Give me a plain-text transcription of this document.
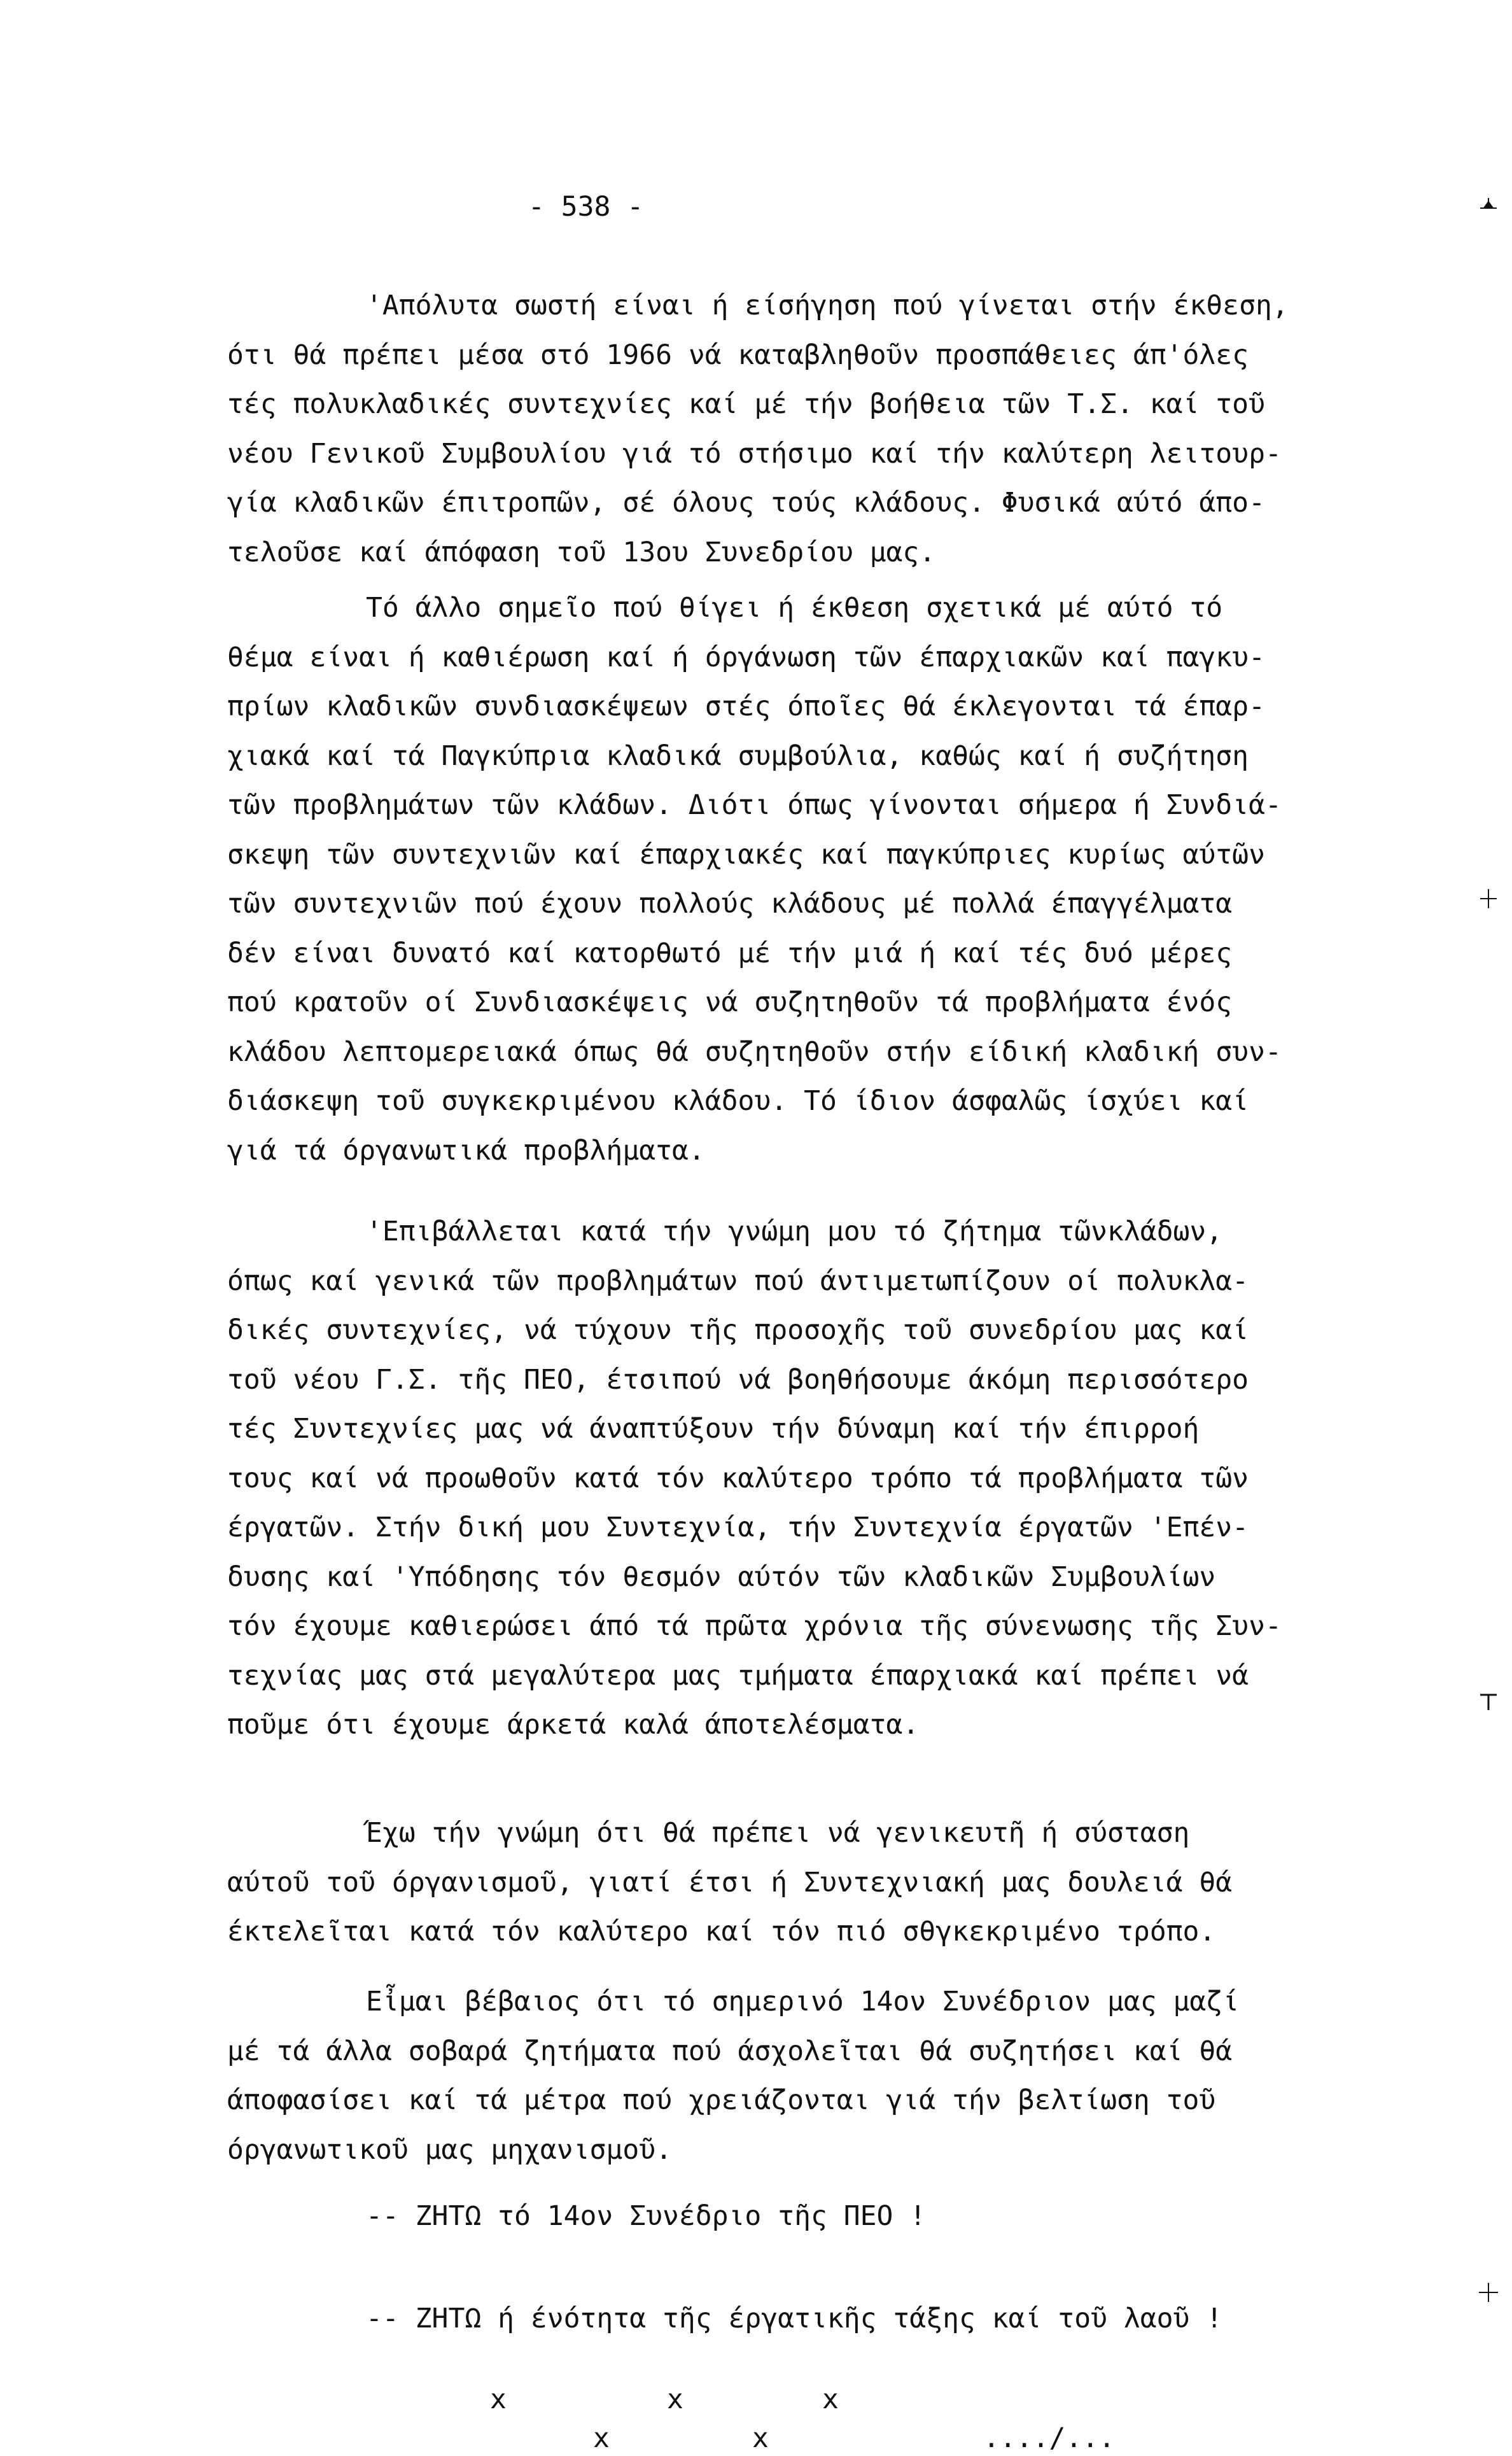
- 538 -
'Απόλυτα σωστή είναι ή είσήγηση πού γίνεται στήν έκθεση,
ότι θά πρέπει μέσα στό 1966 νά καταβληθοῦν προσπάθειες άπ'όλες
τές πολυκλαδικές συντεχνίες καί μέ τήν βοήθεια τῶν Τ.Σ. καί τοῦ
νέου Γενικοῦ Συμβουλίου γιά τό στήσιμο καί τήν καλύτερη λειτουρ-
γία κλαδικῶν έπιτροπῶν, σέ όλους τούς κλάδους. Φυσικά αύτό άπο-
τελοῦσε καί άπόφαση τοῦ 13ου Συνεδρίου μας.
Τό άλλο σημεῖο πού θίγει ή έκθεση σχετικά μέ αύτό τό
θέμα είναι ή καθιέρωση καί ή όργάνωση τῶν έπαρχιακῶν καί παγκυ-
πρίων κλαδικῶν συνδιασκέψεων στές όποῖες θά έκλεγονται τά έπαρ-
χιακά καί τά Παγκύπρια κλαδικά συμβούλια, καθώς καί ή συζήτηση
τῶν προβλημάτων τῶν κλάδων. Διότι όπως γίνονται σήμερα ή Συνδιά-
σκεψη τῶν συντεχνιῶν καί έπαρχιακές καί παγκύπριες κυρίως αύτῶν
τῶν συντεχνιῶν πού έχουν πολλούς κλάδους μέ πολλά έπαγγέλματα
δέν είναι δυνατό καί κατορθωτό μέ τήν μιά ή καί τές δυό μέρες
πού κρατοῦν οί Συνδιασκέψεις νά συζητηθοῦν τά προβλήματα ένός
κλάδου λεπτομερειακά όπως θά συζητηθοῦν στήν είδική κλαδική συν-
διάσκεψη τοῦ συγκεκριμένου κλάδου. Τό ίδιον άσφαλῶς ίσχύει καί
γιά τά όργανωτικά προβλήματα.
'Επιβάλλεται κατά τήν γνώμη μου τό ζήτημα τῶνκλάδων,
όπως καί γενικά τῶν προβλημάτων πού άντιμετωπίζουν οί πολυκλα-
δικές συντεχνίες, νά τύχουν τῆς προσοχῆς τοῦ συνεδρίου μας καί
τοῦ νέου Γ.Σ. τῆς ΠΕΟ, έτσιπού νά βοηθήσουμε άκόμη περισσότερο
τές Συντεχνίες μας νά άναπτύξουν τήν δύναμη καί τήν έπιρροή
τους καί νά προωθοῦν κατά τόν καλύτερο τρόπο τά προβλήματα τῶν
έργατῶν. Στήν δική μου Συντεχνία, τήν Συντεχνία έργατῶν 'Επέν-
δυσης καί 'Υπόδησης τόν θεσμόν αύτόν τῶν κλαδικῶν Συμβουλίων
τόν έχουμε καθιερώσει άπό τά πρῶτα χρόνια τῆς σύνενωσης τῆς Συν-
τεχνίας μας στά μεγαλύτερα μας τμήματα έπαρχιακά καί πρέπει νά
ποῦμε ότι έχουμε άρκετά καλά άποτελέσματα.
Έχω τήν γνώμη ότι θά πρέπει νά γενικευτῆ ή σύσταση
αύτοῦ τοῦ όργανισμοῦ, γιατί έτσι ή Συντεχνιακή μας δουλειά θά
έκτελεῖται κατά τόν καλύτερο καί τόν πιό σθγκεκριμένο τρόπο.
Εἶμαι βέβαιος ότι τό σημερινό 14ον Συνέδριον μας μαζί
μέ τά άλλα σοβαρά ζητήματα πού άσχολεῖται θά συζητήσει καί θά
άποφασίσει καί τά μέτρα πού χρειάζονται γιά τήν βελτίωση τοῦ
όργανωτικοῦ μας μηχανισμοῦ.
-- ΖΗΤΩ τό 14ον Συνέδριο τῆς ΠΕΟ !
-- ΖΗΤΩ ή ένότητα τῆς έργατικῆς τάξης καί τοῦ λαοῦ !
x	x	x
x	x	..../...
